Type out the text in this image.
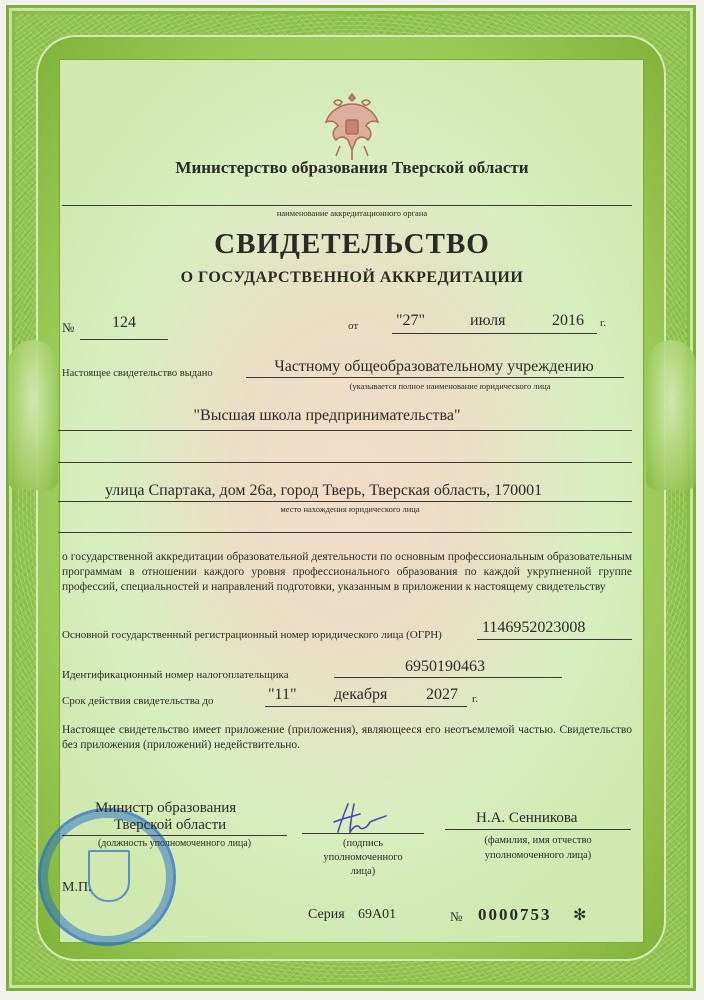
Министерство образования Тверской области
наименование аккредитационного органа
СВИДЕТЕЛЬСТВО
О ГОСУДАРСТВЕННОЙ АККРЕДИТАЦИИ
№	124	от "27"	июля	2016 г.
Настоящее свидетельство выдано	Частному общеобразовательному учреждению
(указывается полное наименование юридического лица
"Высшая школа предпринимательства"
улица Спартака, дом 26а, город Тверь, Тверская область, 170001
место нахождения юридического лица
о государственной аккредитации образовательной деятельности по основным профессиональным образовательным программам в отношении каждого уровня профессионального образования по каждой укрупненной группе профессий, специальностей и направлений подготовки, указанным в приложении к настоящему свидетельству
Основной государственный регистрационный номер юридического лица (ОГРН)	1146952023008
Идентификационный номер налогоплательщика	6950190463
Срок действия свидетельства до	"11" декабря 2027 г.
Настоящее свидетельство имеет приложение (приложения), являющееся его неотъемлемой частью. Свидетельство без приложения (приложений) недействительно.
Министр образования
Тверской области
(должность уполномоченного лица)	(подпись
уполномоченного
лица)
Н.А. Сенникова
(фамилия, имя отчество
уполномоченного лица)
М.П.
Серия 69А01	№ 0000753 ✻
